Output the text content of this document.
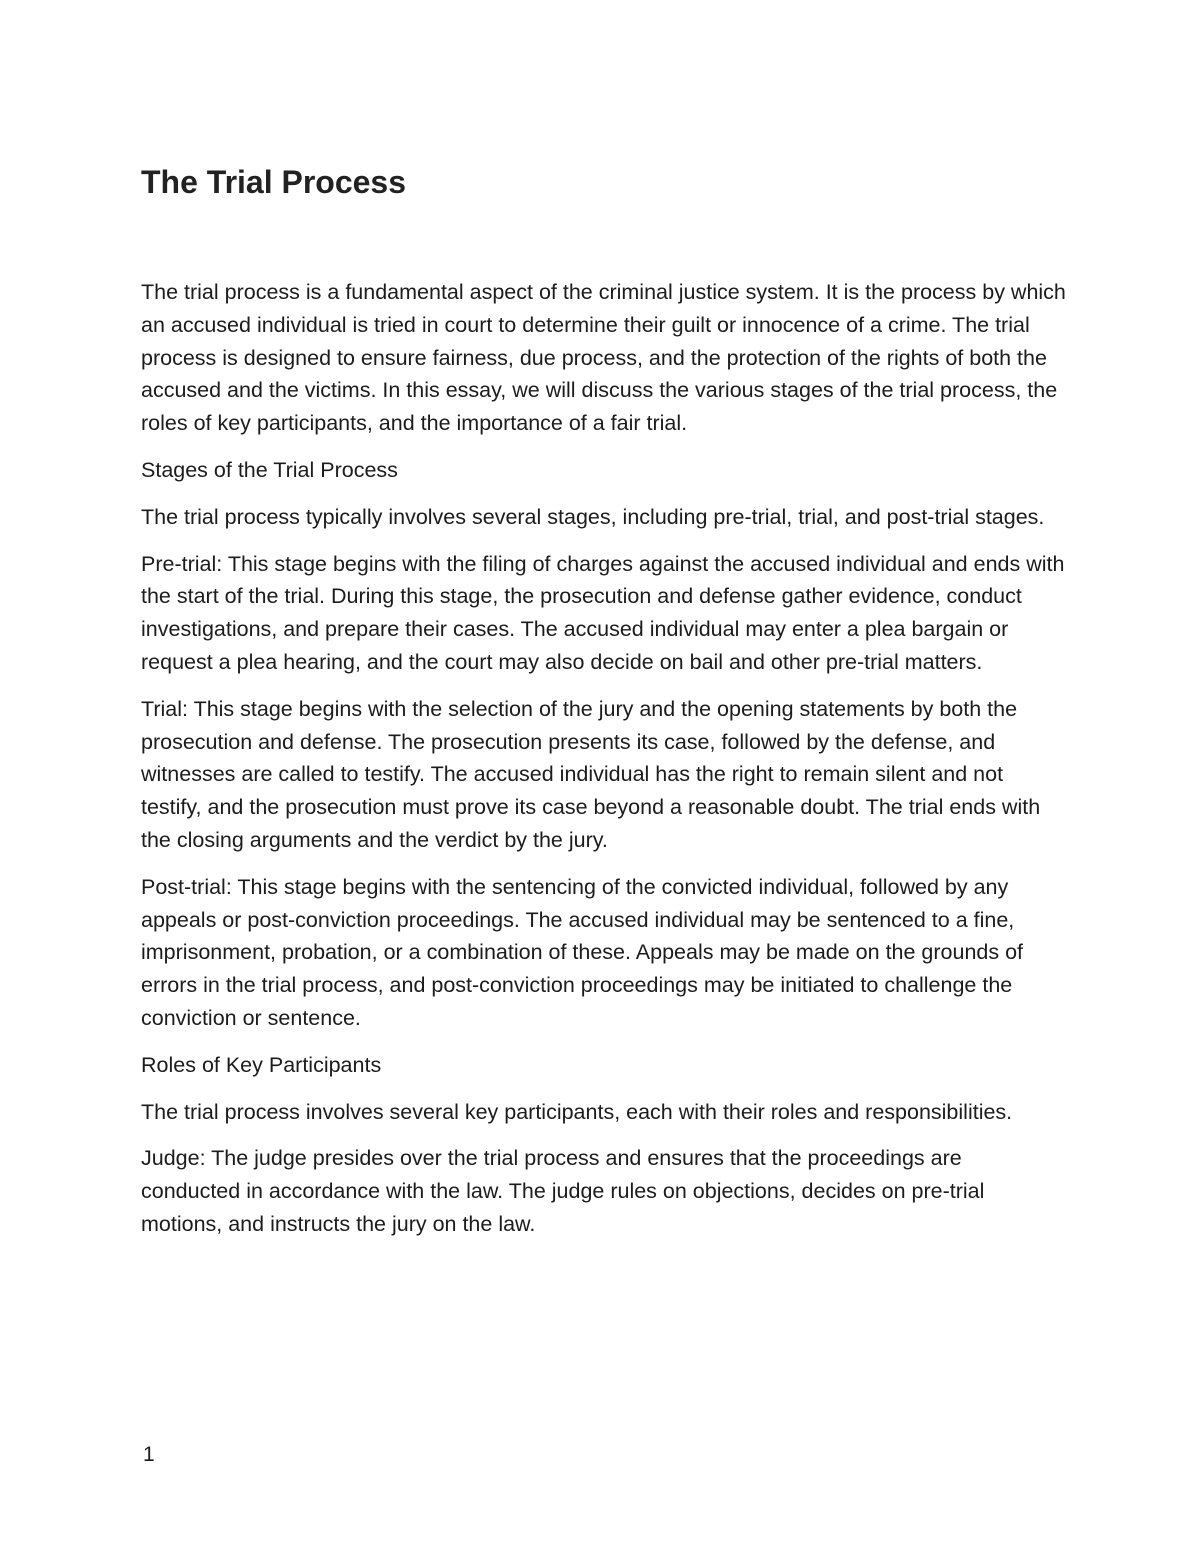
The Trial Process

The trial process is a fundamental aspect of the criminal justice system. It is the process by which an accused individual is tried in court to determine their guilt or innocence of a crime. The trial process is designed to ensure fairness, due process, and the protection of the rights of both the accused and the victims. In this essay, we will discuss the various stages of the trial process, the roles of key participants, and the importance of a fair trial.

Stages of the Trial Process

The trial process typically involves several stages, including pre-trial, trial, and post-trial stages.

Pre-trial: This stage begins with the filing of charges against the accused individual and ends with the start of the trial. During this stage, the prosecution and defense gather evidence, conduct investigations, and prepare their cases. The accused individual may enter a plea bargain or request a plea hearing, and the court may also decide on bail and other pre-trial matters.

Trial: This stage begins with the selection of the jury and the opening statements by both the prosecution and defense. The prosecution presents its case, followed by the defense, and witnesses are called to testify. The accused individual has the right to remain silent and not testify, and the prosecution must prove its case beyond a reasonable doubt. The trial ends with the closing arguments and the verdict by the jury.

Post-trial: This stage begins with the sentencing of the convicted individual, followed by any appeals or post-conviction proceedings. The accused individual may be sentenced to a fine, imprisonment, probation, or a combination of these. Appeals may be made on the grounds of errors in the trial process, and post-conviction proceedings may be initiated to challenge the conviction or sentence.

Roles of Key Participants

The trial process involves several key participants, each with their roles and responsibilities.

Judge: The judge presides over the trial process and ensures that the proceedings are conducted in accordance with the law. The judge rules on objections, decides on pre-trial motions, and instructs the jury on the law.

1
